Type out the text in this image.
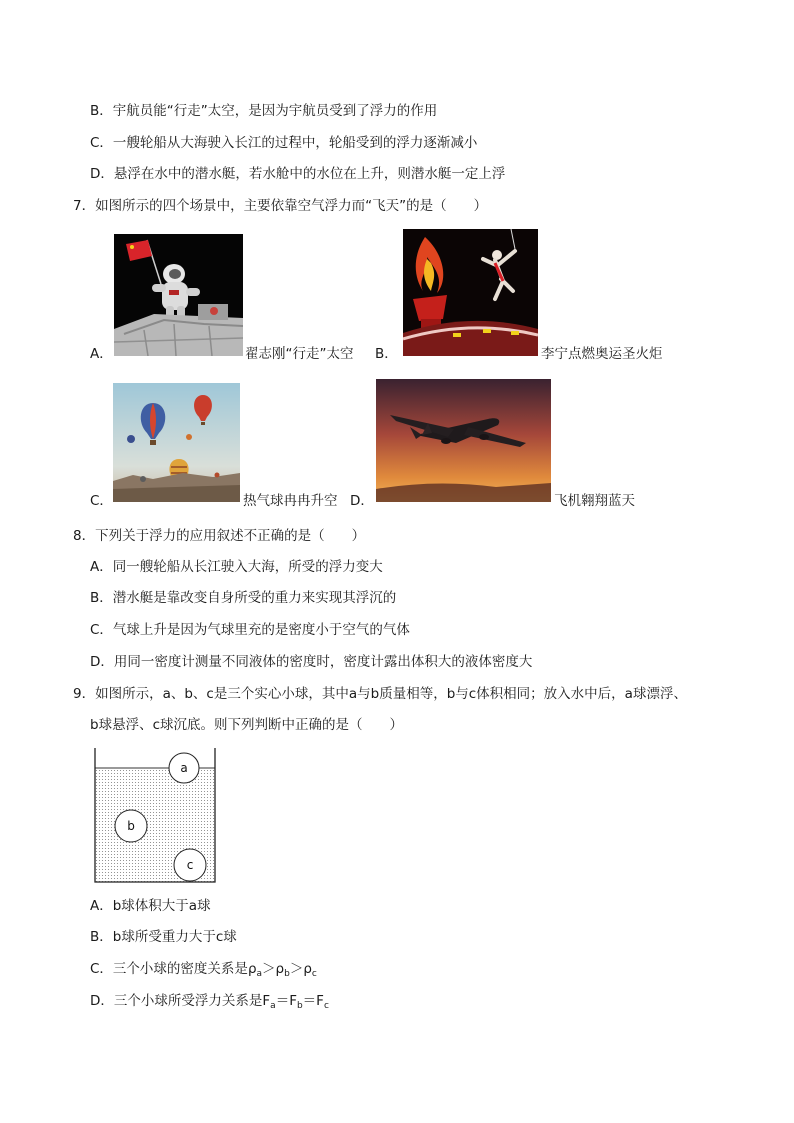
B．宇航员能“行走”太空，是因为宇航员受到了浮力的作用
C．一艘轮船从大海驶入长江的过程中，轮船受到的浮力逐渐减小
D．悬浮在水中的潜水艇，若水舱中的水位在上升，则潜水艇一定上浮
7．如图所示的四个场景中，主要依靠空气浮力而“飞天”的是（　　）
A．	翟志刚“行走”太空 B．	李宁点燃奥运圣火炬
C．	热气球冉冉升空 D．	飞机翱翔蓝天
8．下列关于浮力的应用叙述不正确的是（　　）
A．同一艘轮船从长江驶入大海，所受的浮力变大
B．潜水艇是靠改变自身所受的重力来实现其浮沉的
C．气球上升是因为气球里充的是密度小于空气的气体
D．用同一密度计测量不同液体的密度时，密度计露出体积大的液体密度大
9．如图所示，a、b、c是三个实心小球，其中a与b质量相等，b与c体积相同；放入水中后，a球漂浮、
b球悬浮、c球沉底。则下列判断中正确的是（　　）
a
b
c
A．b球体积大于a球
B．b球所受重力大于c球
C．三个小球的密度关系是$\rho_a>\rho_b>\rho_c$
D．三个小球所受浮力关系是$F_a=F_b=F_c$
